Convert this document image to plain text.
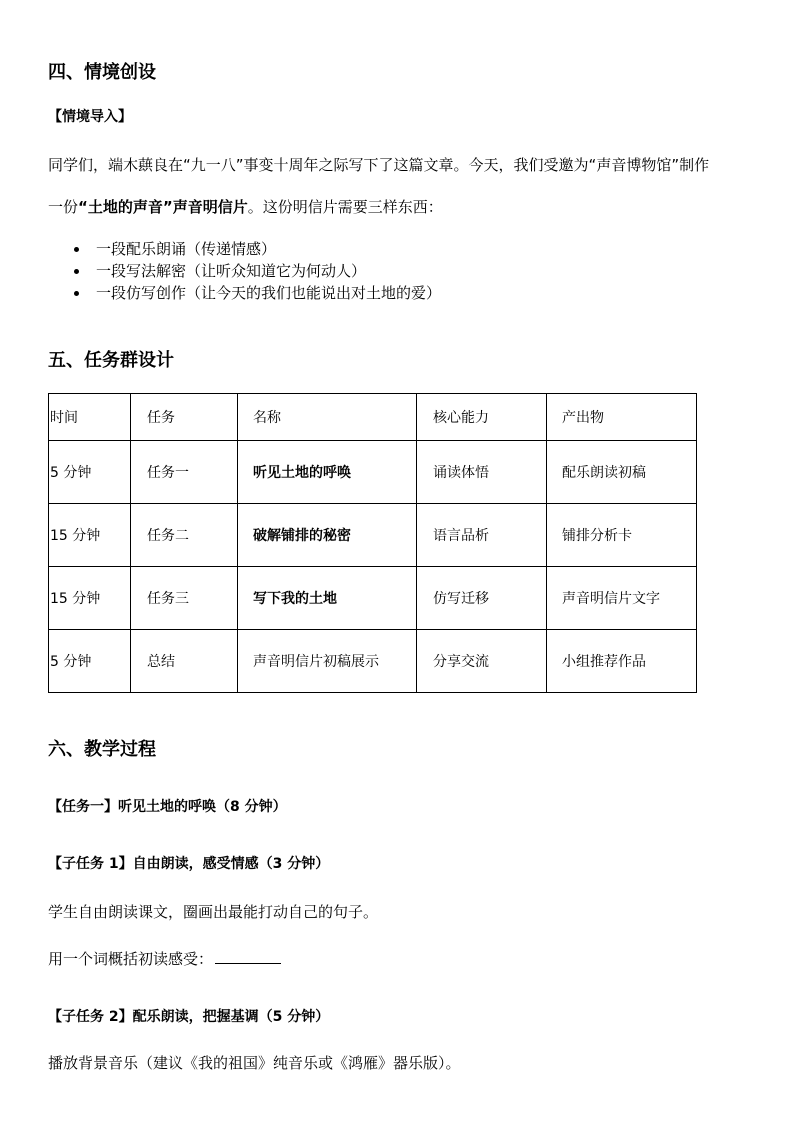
四、情境创设
【情境导入】
同学们，端木蕻良在“九一八”事变十周年之际写下了这篇文章。今天，我们受邀为“声音博物馆”制作
一份“土地的声音”声音明信片。这份明信片需要三样东西：
一段配乐朗诵（传递情感）
一段写法解密（让听众知道它为何动人）
一段仿写创作（让今天的我们也能说出对土地的爱）
五、任务群设计
时间	任务	名称	核心能力	产出物
5 分钟	任务一	听见土地的呼唤	诵读体悟	配乐朗读初稿
15 分钟	任务二	破解铺排的秘密	语言品析	铺排分析卡
15 分钟	任务三	写下我的土地	仿写迁移	声音明信片文字
5 分钟	总结	声音明信片初稿展示	分享交流	小组推荐作品
六、教学过程
【任务一】听见土地的呼唤（8 分钟）
【子任务 1】自由朗读，感受情感（3 分钟）
学生自由朗读课文，圈画出最能打动自己的句子。
用一个词概括初读感受：
【子任务 2】配乐朗读，把握基调（5 分钟）
播放背景音乐（建议《我的祖国》纯音乐或《鸿雁》器乐版）。
